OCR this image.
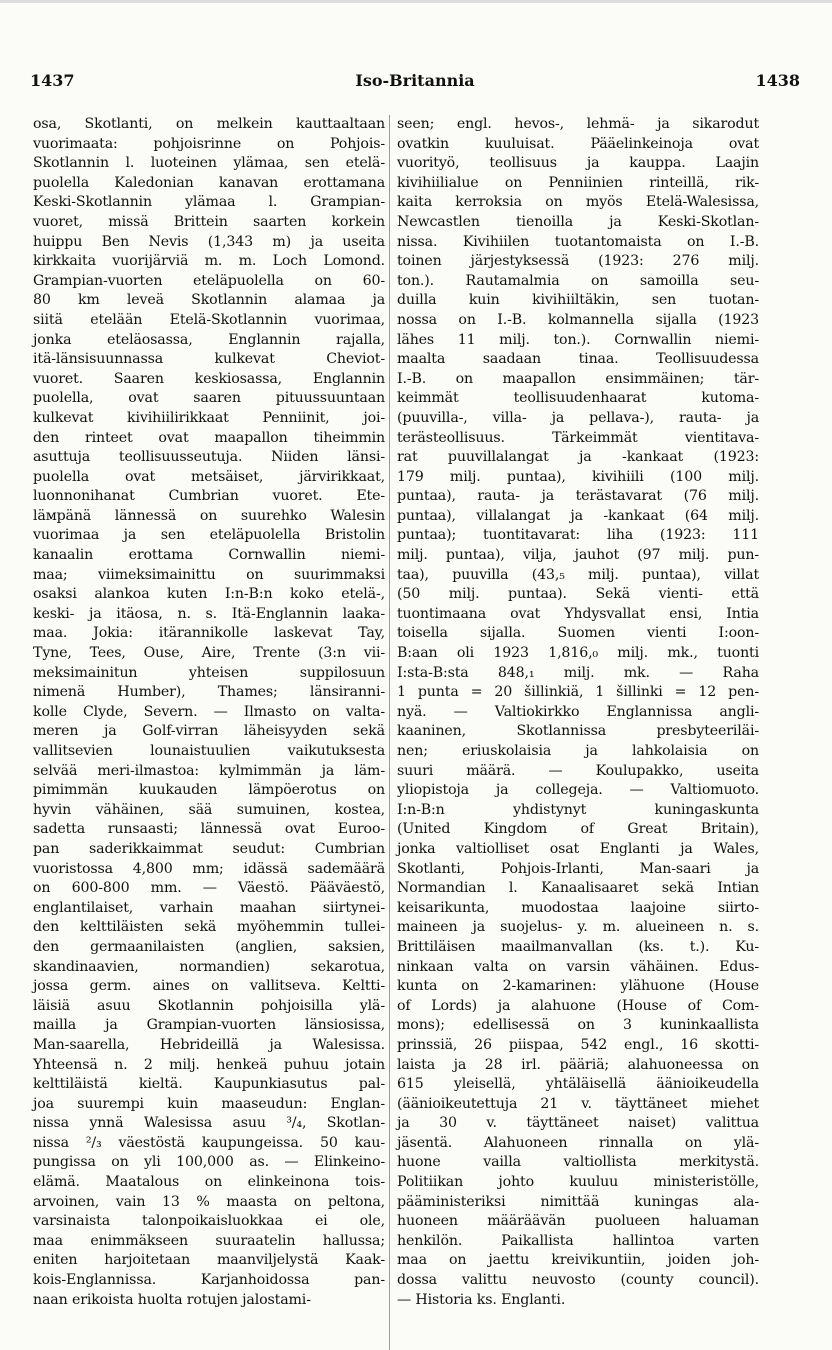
1437	Iso-Britannia	1438
osa, Skotlanti, on melkein kauttaaltaan
vuorimaata: pohjoisrinne on Pohjois-
Skotlannin l. luoteinen ylämaa, sen etelä-
puolella Kaledonian kanavan erottamana
Keski-Skotlannin ylämaa l. Grampian-
vuoret, missä Brittein saarten korkein
huippu Ben Nevis (1,343 m) ja useita
kirkkaita vuorijärviä m. m. Loch Lomond.
Grampian-vuorten eteläpuolella on 60-
80 km leveä Skotlannin alamaa ja
siitä etelään Etelä-Skotlannin vuorimaa,
jonka eteläosassa, Englannin rajalla,
itä-länsisuunnassa kulkevat Cheviot-
vuoret. Saaren keskiosassa, Englannin
puolella, ovat saaren pituussuuntaan
kulkevat kivihiilirikkaat Penniinit, joi-
den rinteet ovat maapallon tiheimmin
asuttuja teollisuusseutuja. Niiden länsi-
puolella ovat metsäiset, järvirikkaat,
luonnonihanat Cumbrian vuoret. Ete-
läмpänä lännessä on suurehko Walesin
vuorimaa ja sen eteläpuolella Bristolin
kanaalin erottama Cornwallin niemi-
maa; viimeksimainittu on suurimmaksi
osaksi alankoa kuten I:n-B:n koko etelä-,
keski- ja itäosa, n. s. Itä-Englannin laaka-
maa. Jokia: itärannikolle laskevat Tay,
Tyne, Tees, Ouse, Aire, Trente (3:n vii-
meksimainitun yhteisen suppilosuun
nimenä Humber), Thames; länsiranni-
kolle Clyde, Severn. — Ilmasto on valta-
meren ja Golf-virran läheisyyden sekä
vallitsevien lounaistuulien vaikutuksesta
selvää meri-ilmastoa: kylmimmän ja läm-
pimimmän kuukauden lämpöerotus on
hyvin vähäinen, sää sumuinen, kostea,
sadetta runsaasti; lännessä ovat Euroo-
pan saderikkaimmat seudut: Cumbrian
vuoristossa 4,800 mm; idässä sademäärä
on 600-800 mm. — Väestö. Pääväestö,
englantilaiset, varhain maahan siirtynei-
den kelttiläisten sekä myöhemmin tullei-
den germaanilaisten (anglien, saksien,
skandinaavien, normandien) sekarotua,
jossa germ. aines on vallitseva. Keltti-
läisiä asuu Skotlannin pohjoisilla ylä-
mailla ja Grampian-vuorten länsiosissa,
Man-saarella, Hebrideillä ja Walesissa.
Yhteensä n. 2 milj. henkeä puhuu jotain
kelttiläistä kieltä. Kaupunkiasutus pal-
joa suurempi kuin maaseudun: Englan-
nissa ynnä Walesissa asuu ³/₄, Skotlan-
nissa ²/₃ väestöstä kaupungeissa. 50 kau-
pungissa on yli 100,000 as. — Elinkeino-
elämä. Maatalous on elinkeinona tois-
arvoinen, vain 13 % maasta on peltona,
varsinaista talonpoikaisluokkaa ei ole,
maa enimmäkseen suuraatelin hallussa;
eniten harjoitetaan maanviljelystä Kaak-
kois-Englannissa. Karjanhoidossa pan-
naan erikoista huolta rotujen jalostami-
seen; engl. hevos-, lehmä- ja sikarodut
ovatkin kuuluisat. Pääelinkeinoja ovat
vuorityö, teollisuus ja kauppa. Laajin
kivihiilialue on Penniinien rinteillä, rik-
kaita kerroksia on myös Etelä-Walesissa,
Newcastlen tienoilla ja Keski-Skotlan-
nissa. Kivihiilen tuotantomaista on I.-B.
toinen järjestyksessä (1923: 276 milj.
ton.). Rautamalmia on samoilla seu-
duilla kuin kivihiiltäkin, sen tuotan-
nossa on I.-B. kolmannella sijalla (1923
lähes 11 milj. ton.). Cornwallin niemi-
maalta saadaan tinaa. Teollisuudessa
I.-B. on maapallon ensimmäinen; tär-
keimmät teollisuudenhaarat kutoma-
(puuvilla-, villa- ja pellava-), rauta- ja
terästeollisuus. Tärkeimmät vientitava-
rat puuvillalangat ja -kankaat (1923:
179 milj. puntaa), kivihiili (100 milj.
puntaa), rauta- ja terästavarat (76 milj.
puntaa), villalangat ja -kankaat (64 milj.
puntaa); tuontitavarat: liha (1923: 111
milj. puntaa), vilja, jauhot (97 milj. pun-
taa), puuvilla (43,₅ milj. puntaa), villat
(50 milj. puntaa). Sekä vienti- että
tuontimaana ovat Yhdysvallat ensi, Intia
toisella sijalla. Suomen vienti I:oon-
B:aan oli 1923 1,816,₀ milj. mk., tuonti
I:sta-B:sta 848,₁ milj. mk. — Raha
1 punta = 20 šillinkiä, 1 šillinki = 12 pen-
nyä. — Valtiokirkko Englannissa angli-
kaaninen, Skotlannissa presbyteeriläi-
nen; eriuskolaisia ja lahkolaisia on
suuri määrä. — Koulupakko, useita
yliopistoja ja collegeja. — Valtiomuoto.
I:n-B:n yhdistynyt kuningaskunta
(United Kingdom of Great Britain),
jonka valtiolliset osat Englanti ja Wales,
Skotlanti, Pohjois-Irlanti, Man-saari ja
Normandian l. Kanaalisaaret sekä Intian
keisarikunta, muodostaa laajoine siirto-
maineen ja suojelus- y. m. alueineen n. s.
Brittiläisen maailmanvallan (ks. t.). Ku-
ninkaan valta on varsin vähäinen. Edus-
kunta on 2-kamarinen: ylähuone (House
of Lords) ja alahuone (House of Com-
mons); edellisessä on 3 kuninkaallista
prinssiä, 26 piispaa, 542 engl., 16 skotti-
laista ja 28 irl. pääriä; alahuoneessa on
615 yleisellä, yhtäläisellä äänioikeudella
(äänioikeutettuja 21 v. täyttäneet miehet
ja 30 v. täyttäneet naiset) valittua
jäsentä. Alahuoneen rinnalla on ylä-
huone vailla valtiollista merkitystä.
Politiikan johto kuuluu ministeristölle,
pääministeriksi nimittää kuningas ala-
huoneen määräävän puolueen haluaman
henkilön. Paikallista hallintoa varten
maa on jaettu kreivikuntiin, joiden joh-
dossa valittu neuvosto (county council).
— Historia ks. Englanti.
